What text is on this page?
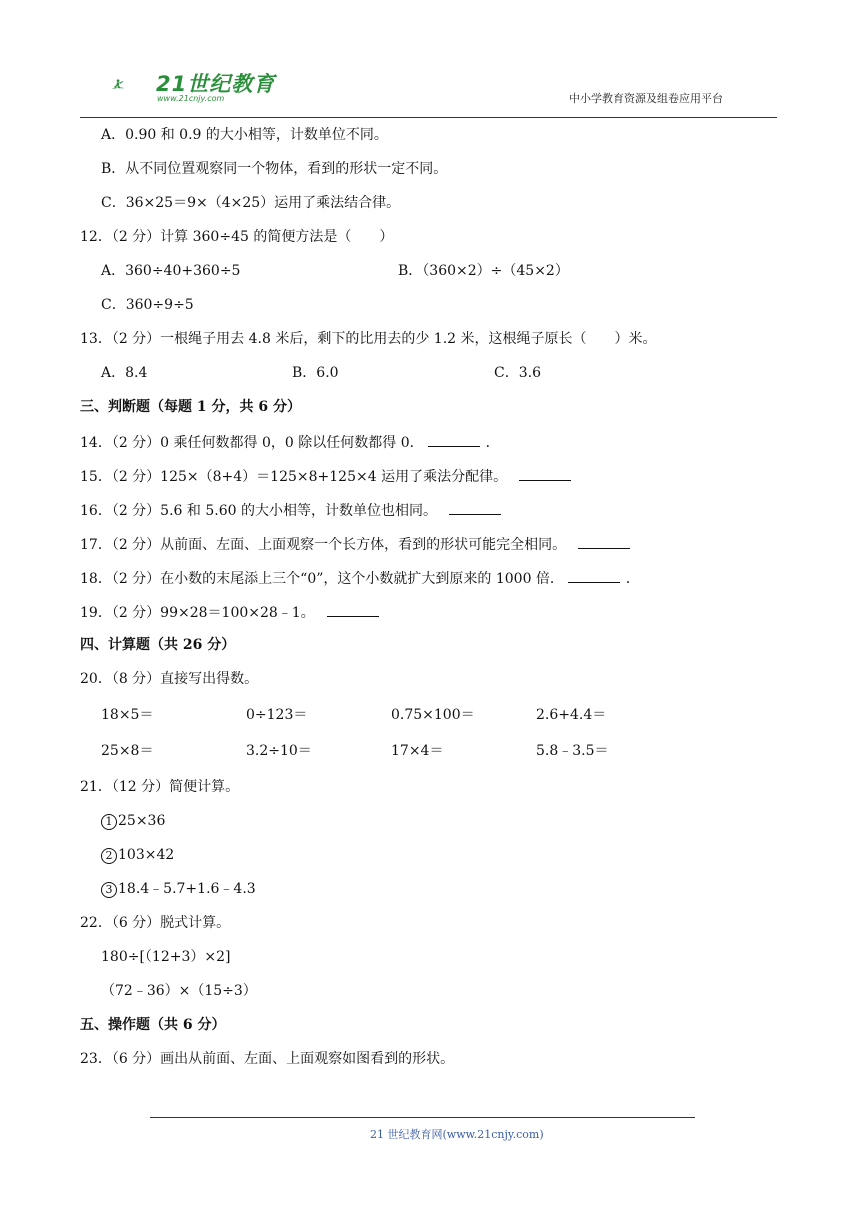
21世纪教育
www.21cnjy.com	中小学教育资源及组卷应用平台
A．0.90 和 0.9 的大小相等，计数单位不同。
B．从不同位置观察同一个物体，看到的形状一定不同。
C．36×25＝9×（4×25）运用了乘法结合律。
12．（2 分）计算 360÷45 的简便方法是（　　）
A．360÷40+360÷5	B．（360×2）÷（45×2）
C．360÷9÷5
13．（2 分）一根绳子用去 4.8 米后，剩下的比用去的少 1.2 米，这根绳子原长（　　）米。
A．8.4	B．6.0	C．3.6
三、判断题（每题 1 分，共 6 分）
14．（2 分）0 乘任何数都得 0，0 除以任何数都得 0．	．
15．（2 分）125×（8+4）＝125×8+125×4 运用了乘法分配律。
16．（2 分）5.6 和 5.60 的大小相等，计数单位也相同。
17．（2 分）从前面、左面、上面观察一个长方体，看到的形状可能完全相同。
18．（2 分）在小数的末尾添上三个“0”，这个小数就扩大到原来的 1000 倍．	．
19．（2 分）99×28＝100×28﹣1。
四、计算题（共 26 分）
20．（8 分）直接写出得数。
18×5＝	0÷123＝	0.75×100＝	2.6+4.4＝
25×8＝	3.2÷10＝	17×4＝	5.8﹣3.5＝
21．（12 分）简便计算。
1 25×36
2 103×42
3 18.4﹣5.7+1.6﹣4.3
22．（6 分）脱式计算。
180÷[（12+3）×2]
（72﹣36）×（15÷3）
五、操作题（共 6 分）
23．（6 分）画出从前面、左面、上面观察如图看到的形状。
21 世纪教育网(www.21cnjy.com)
